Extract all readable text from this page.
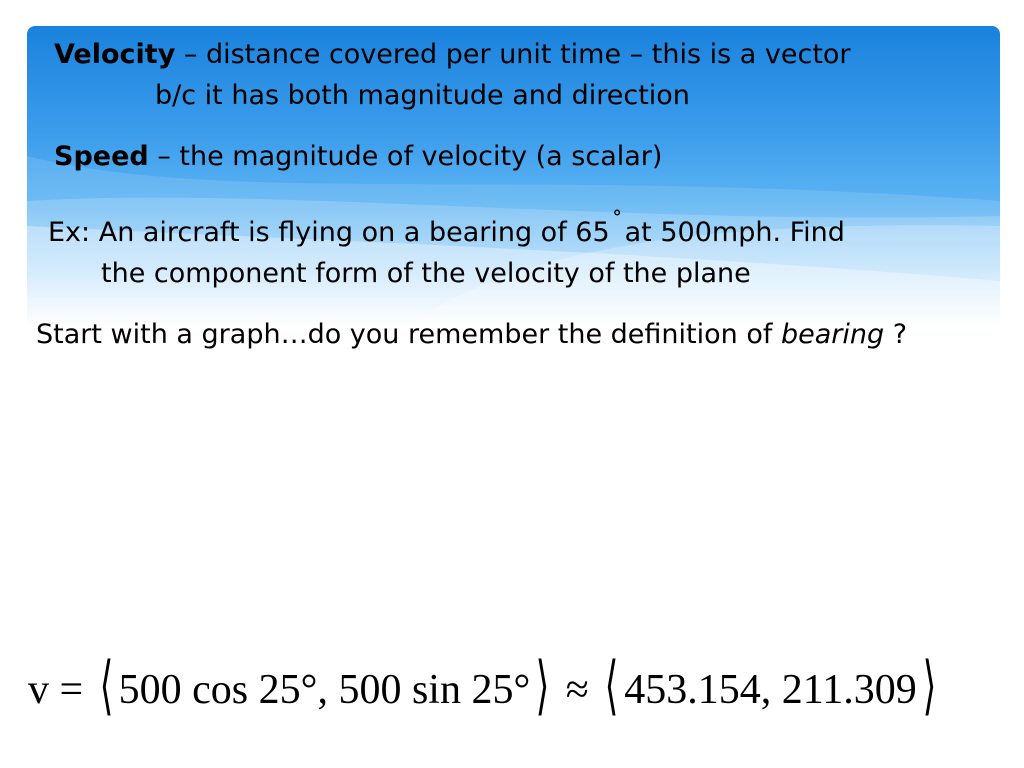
Velocity – distance covered per unit time – this is a vector
b/c it has both magnitude and direction
Speed – the magnitude of velocity (a scalar)
Ex: An aircraft is flying on a bearing of 65˚at 500mph. Find
the component form of the velocity of the plane
Start with a graph…do you remember the definition of bearing ?
v = ⟨ 500 cos 25°, 500 sin 25°⟩ ≈ ⟨ 453.154, 211.309⟩
